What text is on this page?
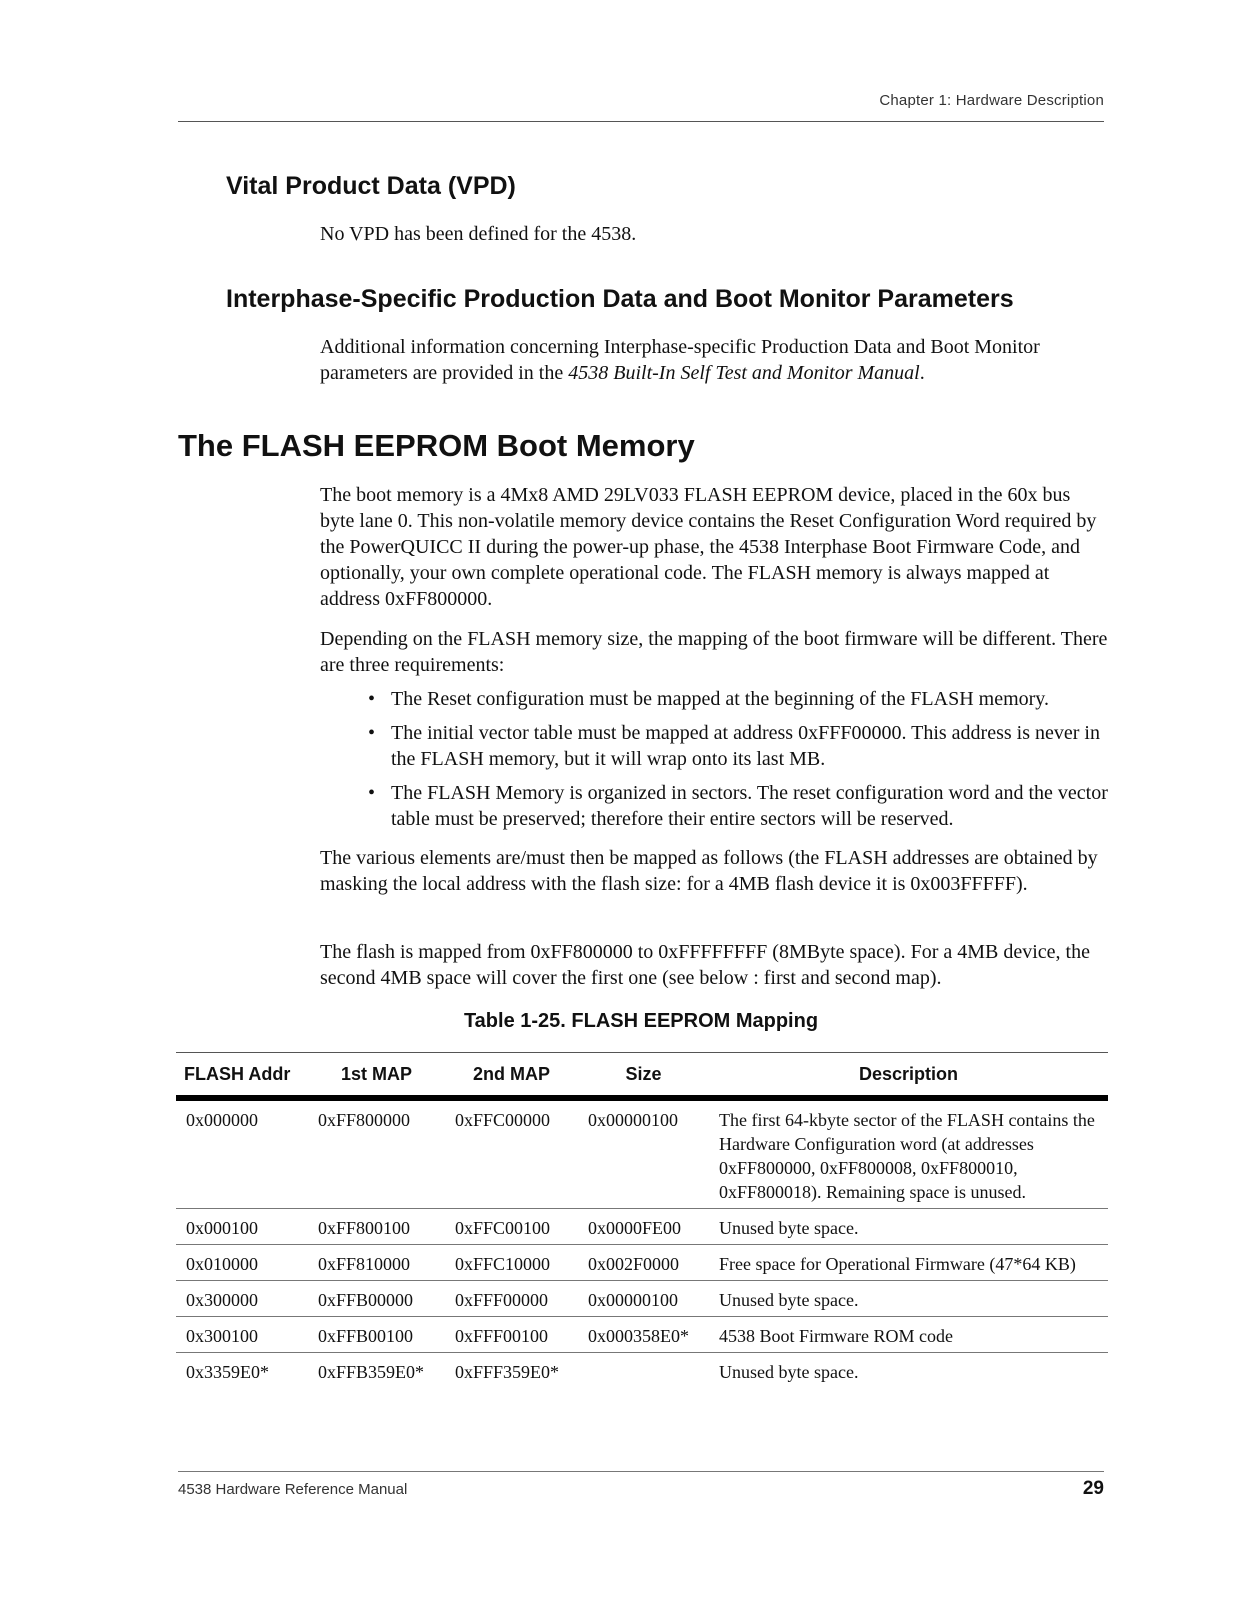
Chapter 1: Hardware Description
Vital Product Data (VPD)

No VPD has been defined for the 4538.

Interphase-Specific Production Data and Boot Monitor Parameters

Additional information concerning Interphase-specific Production Data and Boot Monitor parameters are provided in the 4538 Built-In Self Test and Monitor Manual.

The FLASH EEPROM Boot Memory

The boot memory is a 4Mx8 AMD 29LV033 FLASH EEPROM device, placed in the 60x bus byte lane 0. This non-volatile memory device contains the Reset Configuration Word required by the PowerQUICC II during the power-up phase, the 4538 Interphase Boot Firmware Code, and optionally, your own complete operational code. The FLASH memory is always mapped at address 0xFF800000.

Depending on the FLASH memory size, the mapping of the boot firmware will be different. There are three requirements:

• The Reset configuration must be mapped at the beginning of the FLASH memory.
• The initial vector table must be mapped at address 0xFFF00000. This address is never in the FLASH memory, but it will wrap onto its last MB.
• The FLASH Memory is organized in sectors. The reset configuration word and the vector table must be preserved; therefore their entire sectors will be reserved.

The various elements are/must then be mapped as follows (the FLASH addresses are obtained by masking the local address with the flash size: for a 4MB flash device it is 0x003FFFFF).

The flash is mapped from 0xFF800000 to 0xFFFFFFFF (8MByte space). For a 4MB device, the second 4MB space will cover the first one (see below : first and second map).

Table 1-25. FLASH EEPROM Mapping
FLASH Addr	1st MAP	2nd MAP	Size	Description
0x000000	0xFF800000	0xFFC00000	0x00000100	The first 64-kbyte sector of the FLASH contains the Hardware Configuration word (at addresses 0xFF800000, 0xFF800008, 0xFF800010, 0xFF800018). Remaining space is unused.
0x000100	0xFF800100	0xFFC00100	0x0000FE00	Unused byte space.
0x010000	0xFF810000	0xFFC10000	0x002F0000	Free space for Operational Firmware (47*64 KB)
0x300000	0xFFB00000	0xFFF00000	0x00000100	Unused byte space.
0x300100	0xFFB00100	0xFFF00100	0x000358E0*	4538 Boot Firmware ROM code
0x3359E0*	0xFFB359E0*	0xFFF359E0*		Unused byte space.
4538 Hardware Reference Manual	29
